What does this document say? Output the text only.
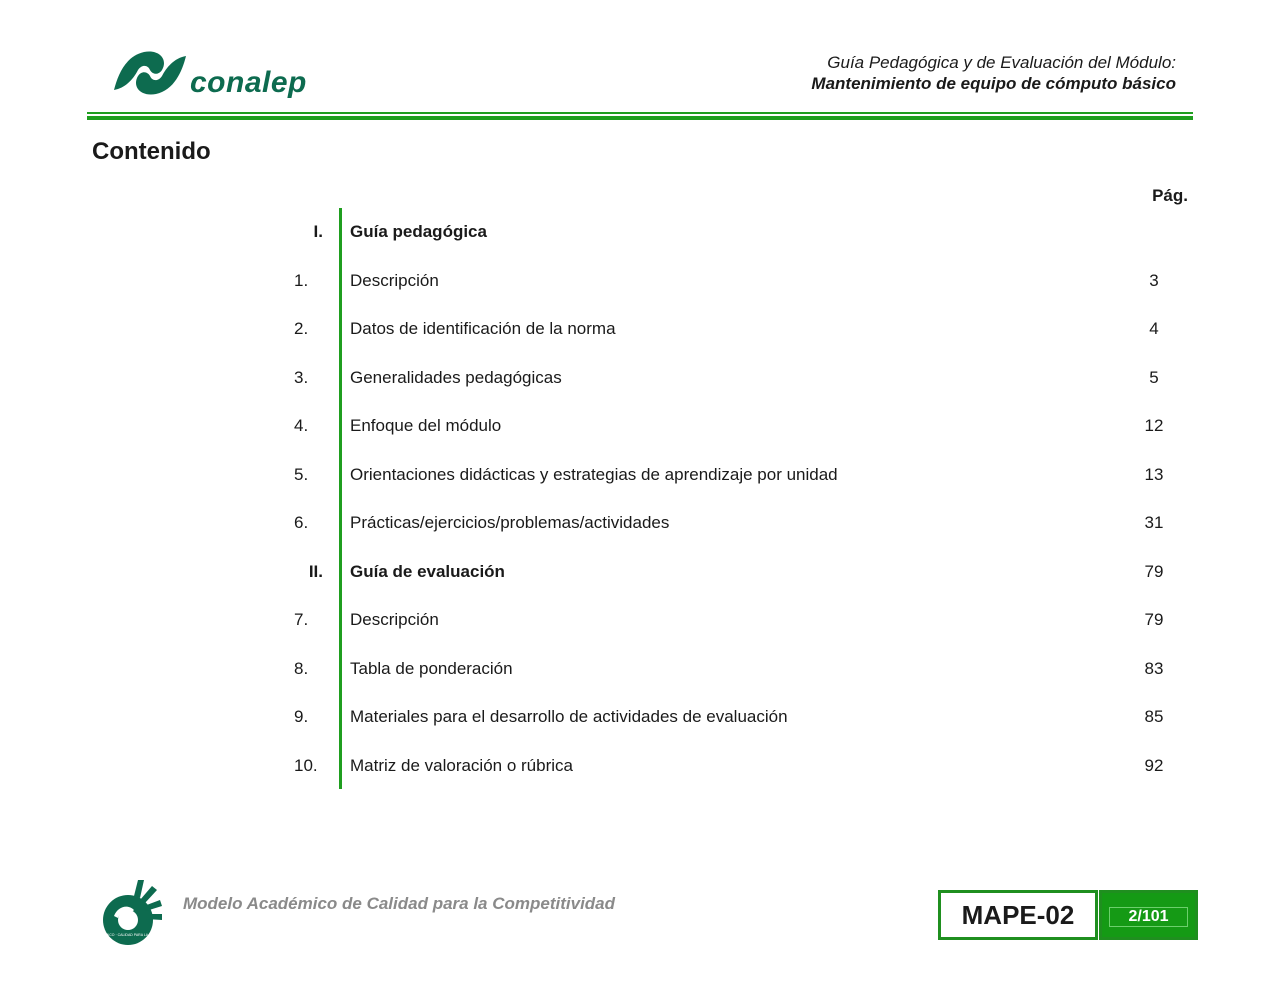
conalep
Guía Pedagógica y de Evaluación del Módulo:
Mantenimiento de equipo de cómputo básico
Contenido
Pág.
I. Guía pedagógica
1. Descripción	3
2. Datos de identificación de la norma	4
3. Generalidades pedagógicas	5
4. Enfoque del módulo	12
5. Orientaciones didácticas y estrategias de aprendizaje por unidad	13
6. Prácticas/ejercicios/problemas/actividades	31
II. Guía de evaluación	79
7. Descripción	79
8. Tabla de ponderación	83
9. Materiales para el desarrollo de actividades de evaluación	85
10. Matriz de valoración o rúbrica	92
MODELO ACADÉMICO · CALIDAD PARA LA COMPETITIVIDAD
Modelo Académico de Calidad para la Competitividad	MAPE-02	2/101
